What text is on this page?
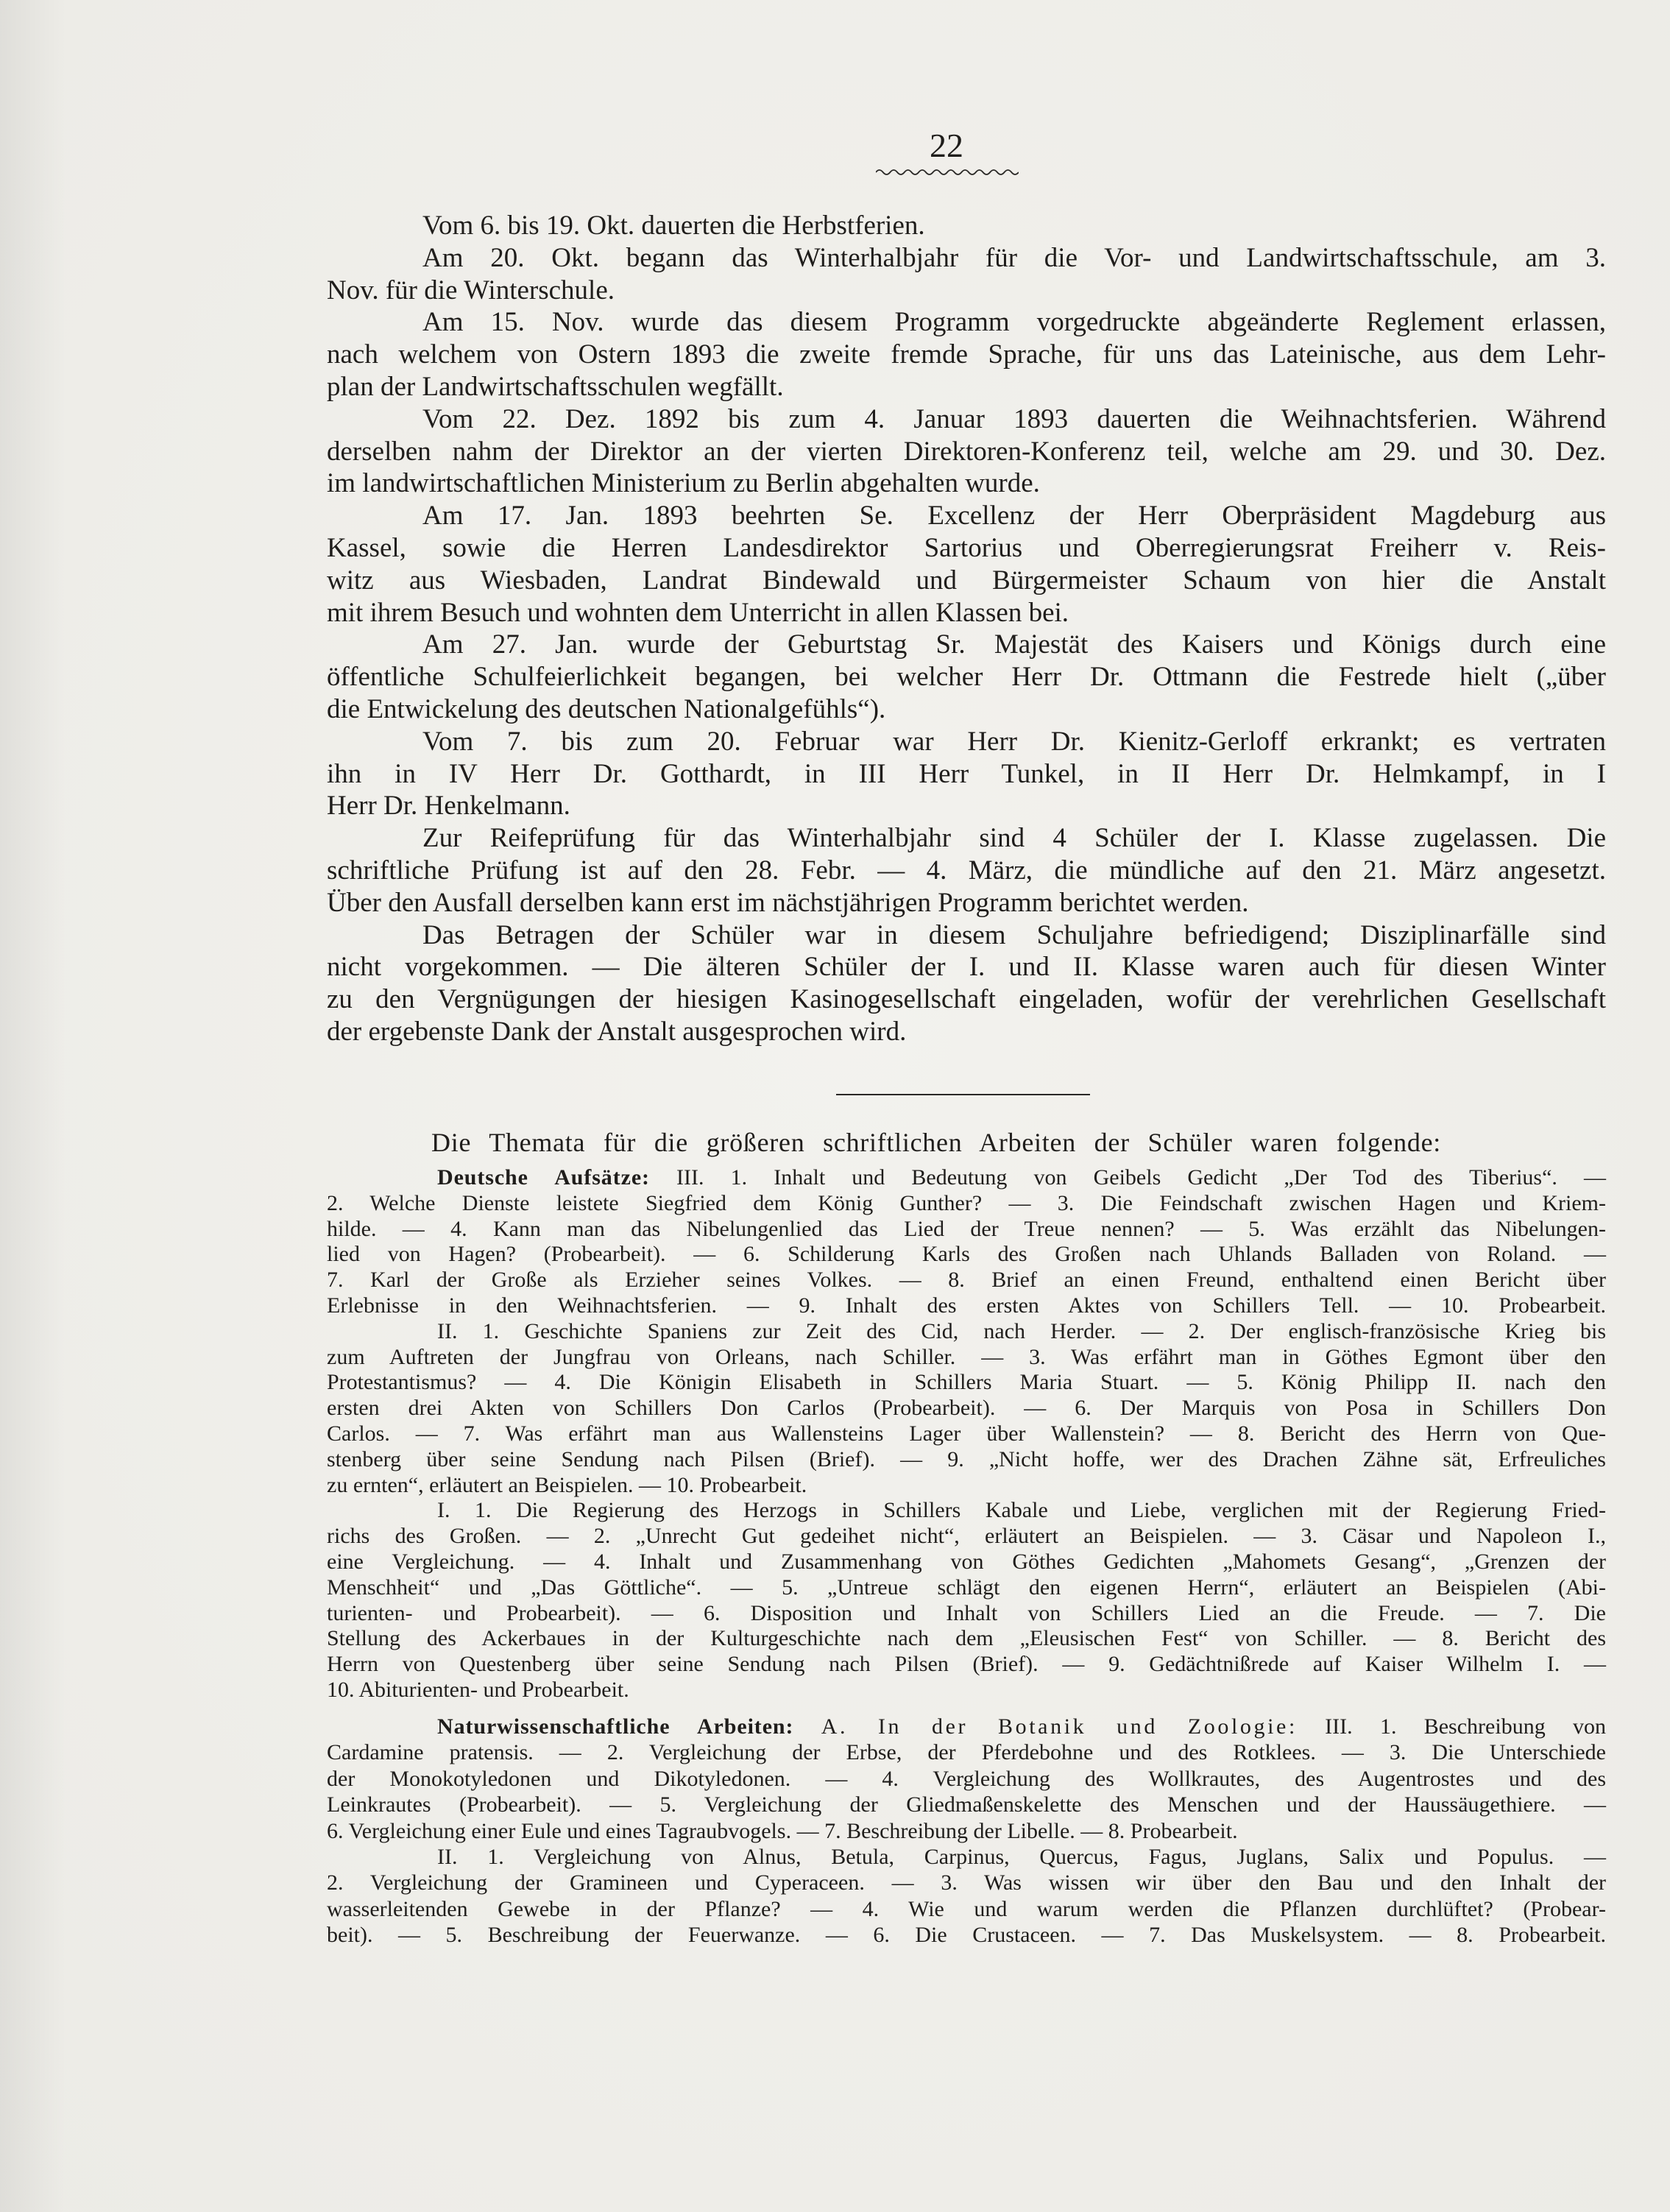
22
Vom 6. bis 19. Okt. dauerten die Herbstferien.
Am 20. Okt. begann das Winterhalbjahr für die Vor- und Landwirtschaftsschule, am 3.
Nov. für die Winterschule.
Am 15. Nov. wurde das diesem Programm vorgedruckte abgeänderte Reglement erlassen,
nach welchem von Ostern 1893 die zweite fremde Sprache, für uns das Lateinische, aus dem Lehr-
plan der Landwirtschaftsschulen wegfällt.
Vom 22. Dez. 1892 bis zum 4. Januar 1893 dauerten die Weihnachtsferien. Während
derselben nahm der Direktor an der vierten Direktoren-Konferenz teil, welche am 29. und 30. Dez.
im landwirtschaftlichen Ministerium zu Berlin abgehalten wurde.
Am 17. Jan. 1893 beehrten Se. Excellenz der Herr Oberpräsident Magdeburg aus
Kassel, sowie die Herren Landesdirektor Sartorius und Oberregierungsrat Freiherr v. Reis-
witz aus Wiesbaden, Landrat Bindewald und Bürgermeister Schaum von hier die Anstalt
mit ihrem Besuch und wohnten dem Unterricht in allen Klassen bei.
Am 27. Jan. wurde der Geburtstag Sr. Majestät des Kaisers und Königs durch eine
öffentliche Schulfeierlichkeit begangen, bei welcher Herr Dr. Ottmann die Festrede hielt („über
die Entwickelung des deutschen Nationalgefühls“).
Vom 7. bis zum 20. Februar war Herr Dr. Kienitz-Gerloff erkrankt; es vertraten
ihn in IV Herr Dr. Gotthardt, in III Herr Tunkel, in II Herr Dr. Helmkampf, in I
Herr Dr. Henkelmann.
Zur Reifeprüfung für das Winterhalbjahr sind 4 Schüler der I. Klasse zugelassen. Die
schriftliche Prüfung ist auf den 28. Febr. — 4. März, die mündliche auf den 21. März angesetzt.
Über den Ausfall derselben kann erst im nächstjährigen Programm berichtet werden.
Das Betragen der Schüler war in diesem Schuljahre befriedigend; Disziplinarfälle sind
nicht vorgekommen. — Die älteren Schüler der I. und II. Klasse waren auch für diesen Winter
zu den Vergnügungen der hiesigen Kasinogesellschaft eingeladen, wofür der verehrlichen Gesellschaft
der ergebenste Dank der Anstalt ausgesprochen wird.
Die Themata für die größeren schriftlichen Arbeiten der Schüler waren folgende:
Deutsche Aufsätze: III. 1. Inhalt und Bedeutung von Geibels Gedicht „Der Tod des Tiberius“. —
2. Welche Dienste leistete Siegfried dem König Gunther? — 3. Die Feindschaft zwischen Hagen und Kriem-
hilde. — 4. Kann man das Nibelungenlied das Lied der Treue nennen? — 5. Was erzählt das Nibelungen-
lied von Hagen? (Probearbeit). — 6. Schilderung Karls des Großen nach Uhlands Balladen von Roland. —
7. Karl der Große als Erzieher seines Volkes. — 8. Brief an einen Freund, enthaltend einen Bericht über
Erlebnisse in den Weihnachtsferien. — 9. Inhalt des ersten Aktes von Schillers Tell. — 10. Probearbeit.
II. 1. Geschichte Spaniens zur Zeit des Cid, nach Herder. — 2. Der englisch-französische Krieg bis
zum Auftreten der Jungfrau von Orleans, nach Schiller. — 3. Was erfährt man in Göthes Egmont über den
Protestantismus? — 4. Die Königin Elisabeth in Schillers Maria Stuart. — 5. König Philipp II. nach den
ersten drei Akten von Schillers Don Carlos (Probearbeit). — 6. Der Marquis von Posa in Schillers Don
Carlos. — 7. Was erfährt man aus Wallensteins Lager über Wallenstein? — 8. Bericht des Herrn von Que-
stenberg über seine Sendung nach Pilsen (Brief). — 9. „Nicht hoffe, wer des Drachen Zähne sät, Erfreuliches
zu ernten“, erläutert an Beispielen. — 10. Probearbeit.
I. 1. Die Regierung des Herzogs in Schillers Kabale und Liebe, verglichen mit der Regierung Fried-
richs des Großen. — 2. „Unrecht Gut gedeihet nicht“, erläutert an Beispielen. — 3. Cäsar und Napoleon I.,
eine Vergleichung. — 4. Inhalt und Zusammenhang von Göthes Gedichten „Mahomets Gesang“, „Grenzen der
Menschheit“ und „Das Göttliche“. — 5. „Untreue schlägt den eigenen Herrn“, erläutert an Beispielen (Abi-
turienten- und Probearbeit). — 6. Disposition und Inhalt von Schillers Lied an die Freude. — 7. Die
Stellung des Ackerbaues in der Kulturgeschichte nach dem „Eleusischen Fest“ von Schiller. — 8. Bericht des
Herrn von Questenberg über seine Sendung nach Pilsen (Brief). — 9. Gedächtnißrede auf Kaiser Wilhelm I. —
10. Abiturienten- und Probearbeit.
Naturwissenschaftliche Arbeiten: A. In der Botanik und Zoologie: III. 1. Beschreibung von
Cardamine pratensis. — 2. Vergleichung der Erbse, der Pferdebohne und des Rotklees. — 3. Die Unterschiede
der Monokotyledonen und Dikotyledonen. — 4. Vergleichung des Wollkrautes, des Augentrostes und des
Leinkrautes (Probearbeit). — 5. Vergleichung der Gliedmaßenskelette des Menschen und der Haussäugethiere. —
6. Vergleichung einer Eule und eines Tagraubvogels. — 7. Beschreibung der Libelle. — 8. Probearbeit.
II. 1. Vergleichung von Alnus, Betula, Carpinus, Quercus, Fagus, Juglans, Salix und Populus. —
2. Vergleichung der Gramineen und Cyperaceen. — 3. Was wissen wir über den Bau und den Inhalt der
wasserleitenden Gewebe in der Pflanze? — 4. Wie und warum werden die Pflanzen durchlüftet? (Probear-
beit). — 5. Beschreibung der Feuerwanze. — 6. Die Crustaceen. — 7. Das Muskelsystem. — 8. Probearbeit.
